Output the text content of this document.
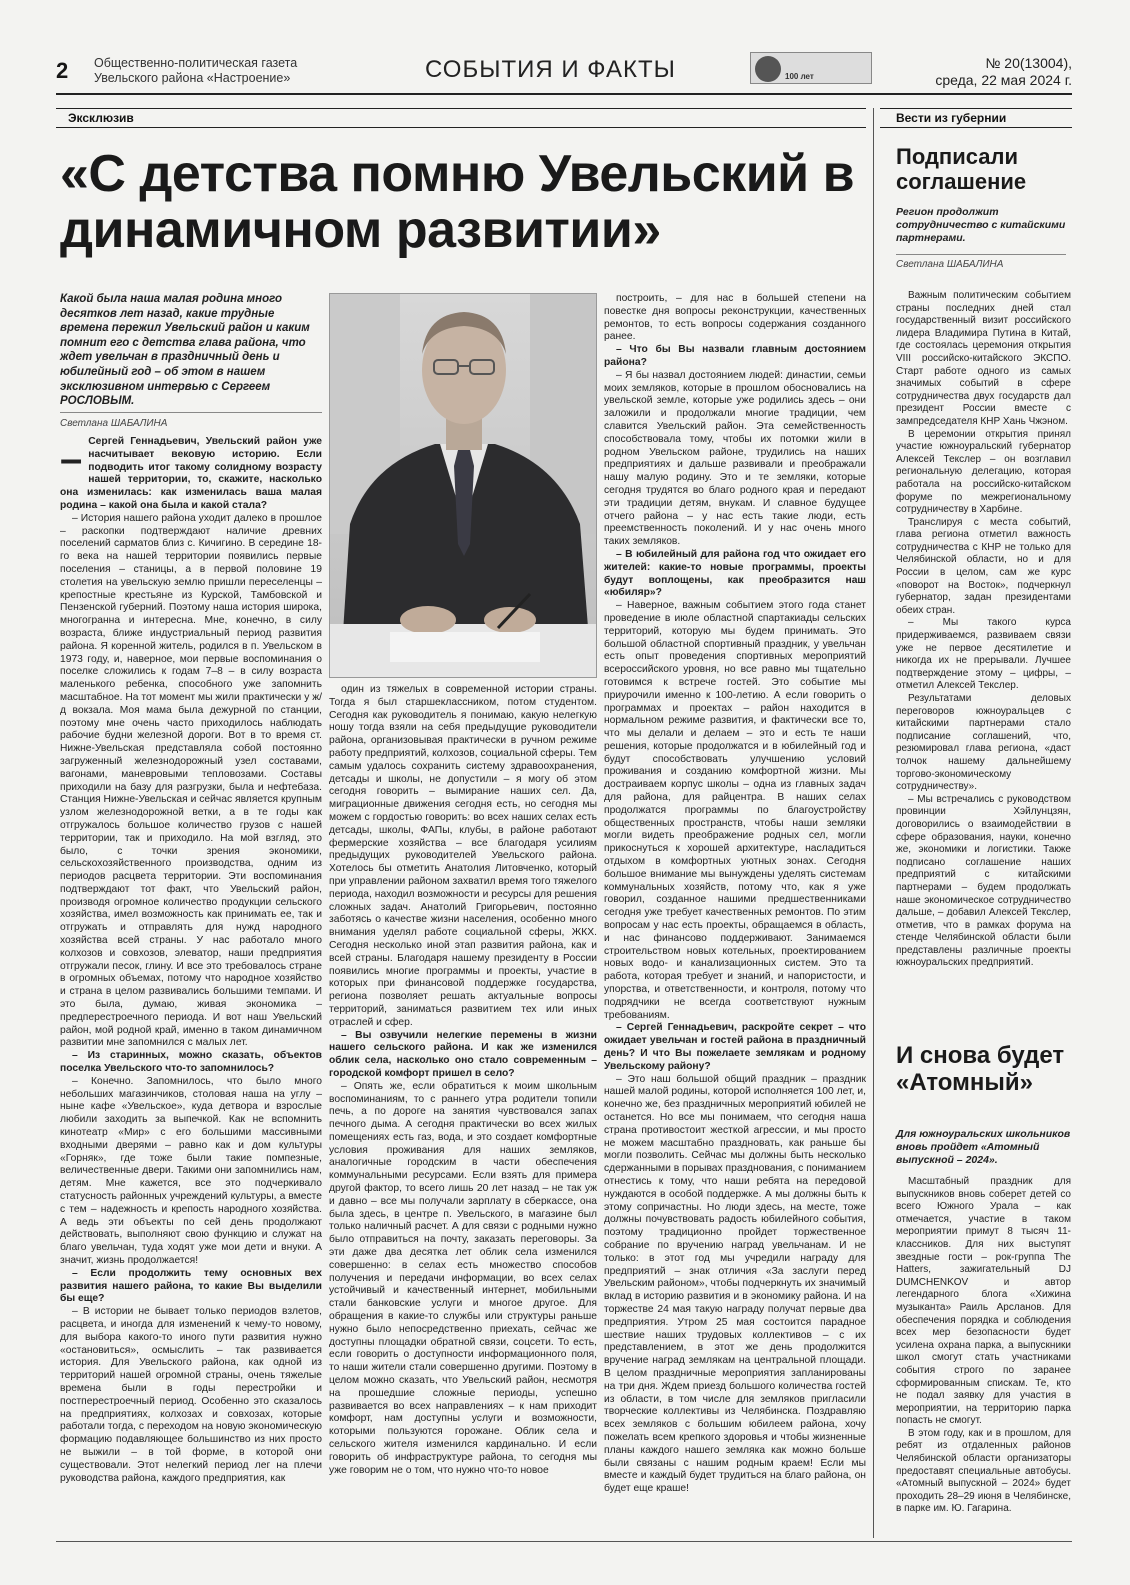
2 Общественно-политическая газета
Увельского района «Настроение»	СОБЫТИЯ И ФАКТЫ	100 лет
№ 20(13004),
среда, 22 мая 2024 г.
Эксклюзив	Вести из губернии
«С детства помню Увельский в динамичном развитии»
Какой была наша малая родина много десятков лет назад, какие трудные времена пережил Увельский район и каким помнит его с детства глава района, что ждет увельчан в праздничный день и юбилейный год – об этом в нашем эксклюзивном интервью с Сергеем РОСЛОВЫМ.
Светлана ШАБАЛИНА

– Сергей Геннадьевич, Увельский район уже насчитывает вековую историю. Если подводить итог такому солидному возрасту нашей территории, то, скажите, насколько она изменилась: как изменилась ваша малая родина – какой она была и какой стала?

– История нашего района уходит далеко в прошлое – раскопки подтверждают наличие древних поселений сарматов близ с. Кичигино. В середине 18-го века на нашей территории появились первые поселения – станицы, а в первой половине 19 столетия на увельскую землю пришли переселенцы – крепостные крестьяне из Курской, Тамбовской и Пензенской губерний. Поэтому наша история широка, многогранна и интересна. Мне, конечно, в силу возраста, ближе индустриальный период развития района. Я коренной житель, родился в п. Увельском в 1973 году, и, наверное, мои первые воспоминания о поселке сложились к годам 7–8 – в силу возраста маленького ребенка, способного уже запомнить масштабное. На тот момент мы жили практически у ж/д вокзала. Моя мама была дежурной по станции, поэтому мне очень часто приходилось наблюдать рабочие будни железной дороги. Вот в то время ст. Нижне-Увельская представляла собой постоянно загруженный железнодорожный узел составами, вагонами, маневровыми тепловозами. Составы приходили на базу для разгрузки, была и нефтебаза. Станция Нижне-Увельская и сейчас является крупным узлом железнодорожной ветки, а в те годы как отгружалось большое количество грузов с нашей территории, так и приходило. На мой взгляд, это было, с точки зрения экономики, сельскохозяйственного производства, одним из периодов расцвета территории. Эти воспоминания подтверждают тот факт, что Увельский район, производя огромное количество продукции сельского хозяйства, имел возможность как принимать ее, так и отгружать и отправлять для нужд народного хозяйства всей страны. У нас работало много колхозов и совхозов, элеватор, наши предприятия отгружали песок, глину. И все это требовалось стране в огромных объемах, потому что народное хозяйство и страна в целом развивались большими темпами. И это была, думаю, живая экономика – предперестроечного периода. И вот наш Увельский район, мой родной край, именно в таком динамичном развитии мне запомнился с малых лет.

– Из старинных, можно сказать, объектов поселка Увельского что-то запомнилось?

– Конечно. Запомнилось, что было много небольших магазинчиков, столовая наша на углу – ныне кафе «Увельское», куда детвора и взрослые любили заходить за выпечкой. Как не вспомнить кинотеатр «Мир» с его большими массивными входными дверями – равно как и дом культуры «Горняк», где тоже были такие помпезные, величественные двери. Такими они запомнились нам, детям. Мне кажется, все это подчеркивало статусность районных учреждений культуры, а вместе с тем – надежность и крепость народного хозяйства. А ведь эти объекты по сей день продолжают действовать, выполняют свою функцию и служат на благо увельчан, туда ходят уже мои дети и внуки. А значит, жизнь продолжается!

– Если продолжить тему основных вех развития нашего района, то какие Вы выделили бы еще?

– В истории не бывает только периодов взлетов, расцвета, и иногда для изменений к чему-то новому, для выбора какого-то иного пути развития нужно «остановиться», осмыслить – так развивается история. Для Увельского района, как одной из территорий нашей огромной страны, очень тяжелые времена были в годы перестройки и постперестроечный период. Особенно это сказалось на предприятиях, колхозах и совхозах, которые работали тогда, с переходом на новую экономическую формацию подавляющее большинство из них просто не выжили – в той форме, в которой они существовали. Этот нелегкий период лег на плечи руководства района, каждого предприятия, как

один из тяжелых в современной истории страны. Тогда я был старшеклассником, потом студентом. Сегодня как руководитель я понимаю, какую нелегкую ношу тогда взяли на себя предыдущие руководители района, организовывая практически в ручном режиме работу предприятий, колхозов, социальной сферы. Тем самым удалось сохранить систему здравоохранения, детсады и школы, не допустили – я могу об этом сегодня говорить – вымирание наших сел. Да, миграционные движения сегодня есть, но сегодня мы можем с гордостью говорить: во всех наших селах есть детсады, школы, ФАПы, клубы, в районе работают фермерские хозяйства – все благодаря усилиям предыдущих руководителей Увельского района. Хотелось бы отметить Анатолия Литовченко, который при управлении районом захватил время того тяжелого периода, находил возможности и ресурсы для решения сложных задач. Анатолий Григорьевич, постоянно заботясь о качестве жизни населения, особенно много внимания уделял работе социальной сферы, ЖКХ. Сегодня несколько иной этап развития района, как и всей страны. Благодаря нашему президенту в России появились многие программы и проекты, участие в которых при финансовой поддержке государства, региона позволяет решать актуальные вопросы территорий, заниматься развитием тех или иных отраслей и сфер.

– Вы озвучили нелегкие перемены в жизни нашего сельского района. И как же изменился облик села, насколько оно стало современным – городской комфорт пришел в село?

– Опять же, если обратиться к моим школьным воспоминаниям, то с раннего утра родители топили печь, а по дороге на занятия чувствовался запах печного дыма. А сегодня практически во всех жилых помещениях есть газ, вода, и это создает комфортные условия проживания для наших земляков, аналогичные городским в части обеспечения коммунальными ресурсами. Если взять для примера другой фактор, то всего лишь 20 лет назад – не так уж и давно – все мы получали зарплату в сберкассе, она была здесь, в центре п. Увельского, в магазине был только наличный расчет. А для связи с родными нужно было отправиться на почту, заказать переговоры. За эти даже два десятка лет облик села изменился совершенно: в селах есть множество способов получения и передачи информации, во всех селах устойчивый и качественный интернет, мобильными стали банковские услуги и многое другое. Для обращения в какие-то службы или структуры раньше нужно было непосредственно приехать, сейчас же доступны площадки обратной связи, соцсети. То есть, если говорить о доступности информационного поля, то наши жители стали совершенно другими. Поэтому в целом можно сказать, что Увельский район, несмотря на прошедшие сложные периоды, успешно развивается во всех направлениях – к нам приходит комфорт, нам доступны услуги и возможности, которыми пользуются горожане. Облик села и сельского жителя изменился кардинально. И если говорить об инфраструктуре района, то сегодня мы уже говорим не о том, что нужно что-то новое

построить, – для нас в большей степени на повестке дня вопросы реконструкции, качественных ремонтов, то есть вопросы содержания созданного ранее.

– Что бы Вы назвали главным достоянием района?

– Я бы назвал достоянием людей: династии, семьи моих земляков, которые в прошлом обосновались на увельской земле, которые уже родились здесь – они заложили и продолжали многие традиции, чем славится Увельский район. Эта семейственность способствовала тому, чтобы их потомки жили в родном Увельском районе, трудились на наших предприятиях и дальше развивали и преображали нашу малую родину. Это и те земляки, которые сегодня трудятся во благо родного края и передают эти традиции детям, внукам. И славное будущее отчего района – у нас есть такие люди, есть преемственность поколений. И у нас очень много таких земляков.

– В юбилейный для района год что ожидает его жителей: какие-то новые программы, проекты будут воплощены, как преобразится наш «юбиляр»?

– Наверное, важным событием этого года станет проведение в июле областной спартакиады сельских территорий, которую мы будем принимать. Это большой областной спортивный праздник, у увельчан есть опыт проведения спортивных мероприятий всероссийского уровня, но все равно мы тщательно готовимся к встрече гостей. Это событие мы приурочили именно к 100-летию. А если говорить о программах и проектах – район находится в нормальном режиме развития, и фактически все то, что мы делали и делаем – это и есть те наши решения, которые продолжатся и в юбилейный год и будут способствовать улучшению условий проживания и созданию комфортной жизни. Мы достраиваем корпус школы – одна из главных задач для района, для райцентра. В наших селах продолжатся программы по благоустройству общественных пространств, чтобы наши земляки могли видеть преображение родных сел, могли прикоснуться к хорошей архитектуре, насладиться отдыхом в комфортных уютных зонах. Сегодня большое внимание мы вынуждены уделять системам коммунальных хозяйств, потому что, как я уже говорил, созданное нашими предшественниками сегодня уже требует качественных ремонтов. По этим вопросам у нас есть проекты, обращаемся в область, и нас финансово поддерживают. Занимаемся строительством новых котельных, проектированием новых водо- и канализационных систем. Это та работа, которая требует и знаний, и напористости, и упорства, и ответственности, и контроля, потому что подрядчики не всегда соответствуют нужным требованиям.

– Сергей Геннадьевич, раскройте секрет – что ожидает увельчан и гостей района в праздничный день? И что Вы пожелаете землякам и родному Увельскому району?

– Это наш большой общий праздник – праздник нашей малой родины, которой исполняется 100 лет, и, конечно же, без праздничных мероприятий юбилей не останется. Но все мы понимаем, что сегодня наша страна противостоит жесткой агрессии, и мы просто не можем масштабно праздновать, как раньше бы могли позволить. Сейчас мы должны быть несколько сдержанными в порывах празднования, с пониманием отнестись к тому, что наши ребята на передовой нуждаются в особой поддержке. А мы должны быть к этому сопричастны. Но люди здесь, на месте, тоже должны почувствовать радость юбилейного события, поэтому традиционно пройдет торжественное собрание по вручению наград увельчанам. И не только: в этот год мы учредили награду для предприятий – знак отличия «За заслуги перед Увельским районом», чтобы подчеркнуть их значимый вклад в историю развития и в экономику района. И на торжестве 24 мая такую награду получат первые два предприятия. Утром 25 мая состоится парадное шествие наших трудовых коллективов – с их представлением, в этот же день продолжится вручение наград землякам на центральной площади. В целом праздничные мероприятия запланированы на три дня. Ждем приезд большого количества гостей из области, в том числе для земляков пригласили творческие коллективы из Челябинска. Поздравляю всех земляков с большим юбилеем района, хочу пожелать всем крепкого здоровья и чтобы жизненные планы каждого нашего земляка как можно больше были связаны с нашим родным краем! Если мы вместе и каждый будет трудиться на благо района, он будет еще краше!

Подписали соглашение
Регион продолжит сотрудничество с китайскими партнерами.
Светлана ШАБАЛИНА

Важным политическим событием страны последних дней стал государственный визит российского лидера Владимира Путина в Китай, где состоялась церемония открытия VIII российско-китайского ЭКСПО. Старт работе одного из самых значимых событий в сфере сотрудничества двух государств дал президент России вместе с зампредседателя КНР Хань Чжэном.

В церемонии открытия принял участие южноуральский губернатор Алексей Текслер – он возглавил региональную делегацию, которая работала на российско-китайском форуме по межрегиональному сотрудничеству в Харбине.

Транслируя с места событий, глава региона отметил важность сотрудничества с КНР не только для Челябинской области, но и для России в целом, сам же курс «поворот на Восток», подчеркнул губернатор, задан президентами обеих стран.

– Мы такого курса придерживаемся, развиваем связи уже не первое десятилетие и никогда их не прерывали. Лучшее подтверждение этому – цифры, – отметил Алексей Текслер.

Результатами деловых переговоров южноуральцев с китайскими партнерами стало подписание соглашений, что, резюмировал глава региона, «даст толчок нашему дальнейшему торгово-экономическому сотрудничеству».

– Мы встречались с руководством провинции Хэйлунцзян, договорились о взаимодействии в сфере образования, науки, конечно же, экономики и логистики. Также подписано соглашение наших предприятий с китайскими партнерами – будем продолжать наше экономическое сотрудничество дальше, – добавил Алексей Текслер, отметив, что в рамках форума на стенде Челябинской области были представлены различные проекты южноуральских предприятий.

И снова будет «Атомный»
Для южноуральских школьников вновь пройдет «Атомный выпускной – 2024».

Масштабный праздник для выпускников вновь соберет детей со всего Южного Урала – как отмечается, участие в таком мероприятии примут 8 тысяч 11-классников. Для них выступят звездные гости – рок-группа The Hatters, зажигательный DJ DUMCHENKOV и автор легендарного блога «Хижина музыканта» Раиль Арсланов. Для обеспечения порядка и соблюдения всех мер безопасности будет усилена охрана парка, а выпускники школ смогут стать участниками события строго по заранее сформированным спискам. Те, кто не подал заявку для участия в мероприятии, на территорию парка попасть не смогут.

В этом году, как и в прошлом, для ребят из отдаленных районов Челябинской области организаторы предоставят специальные автобусы. «Атомный выпускной – 2024» будет проходить 28–29 июня в Челябинске, в парке им. Ю. Гагарина.
